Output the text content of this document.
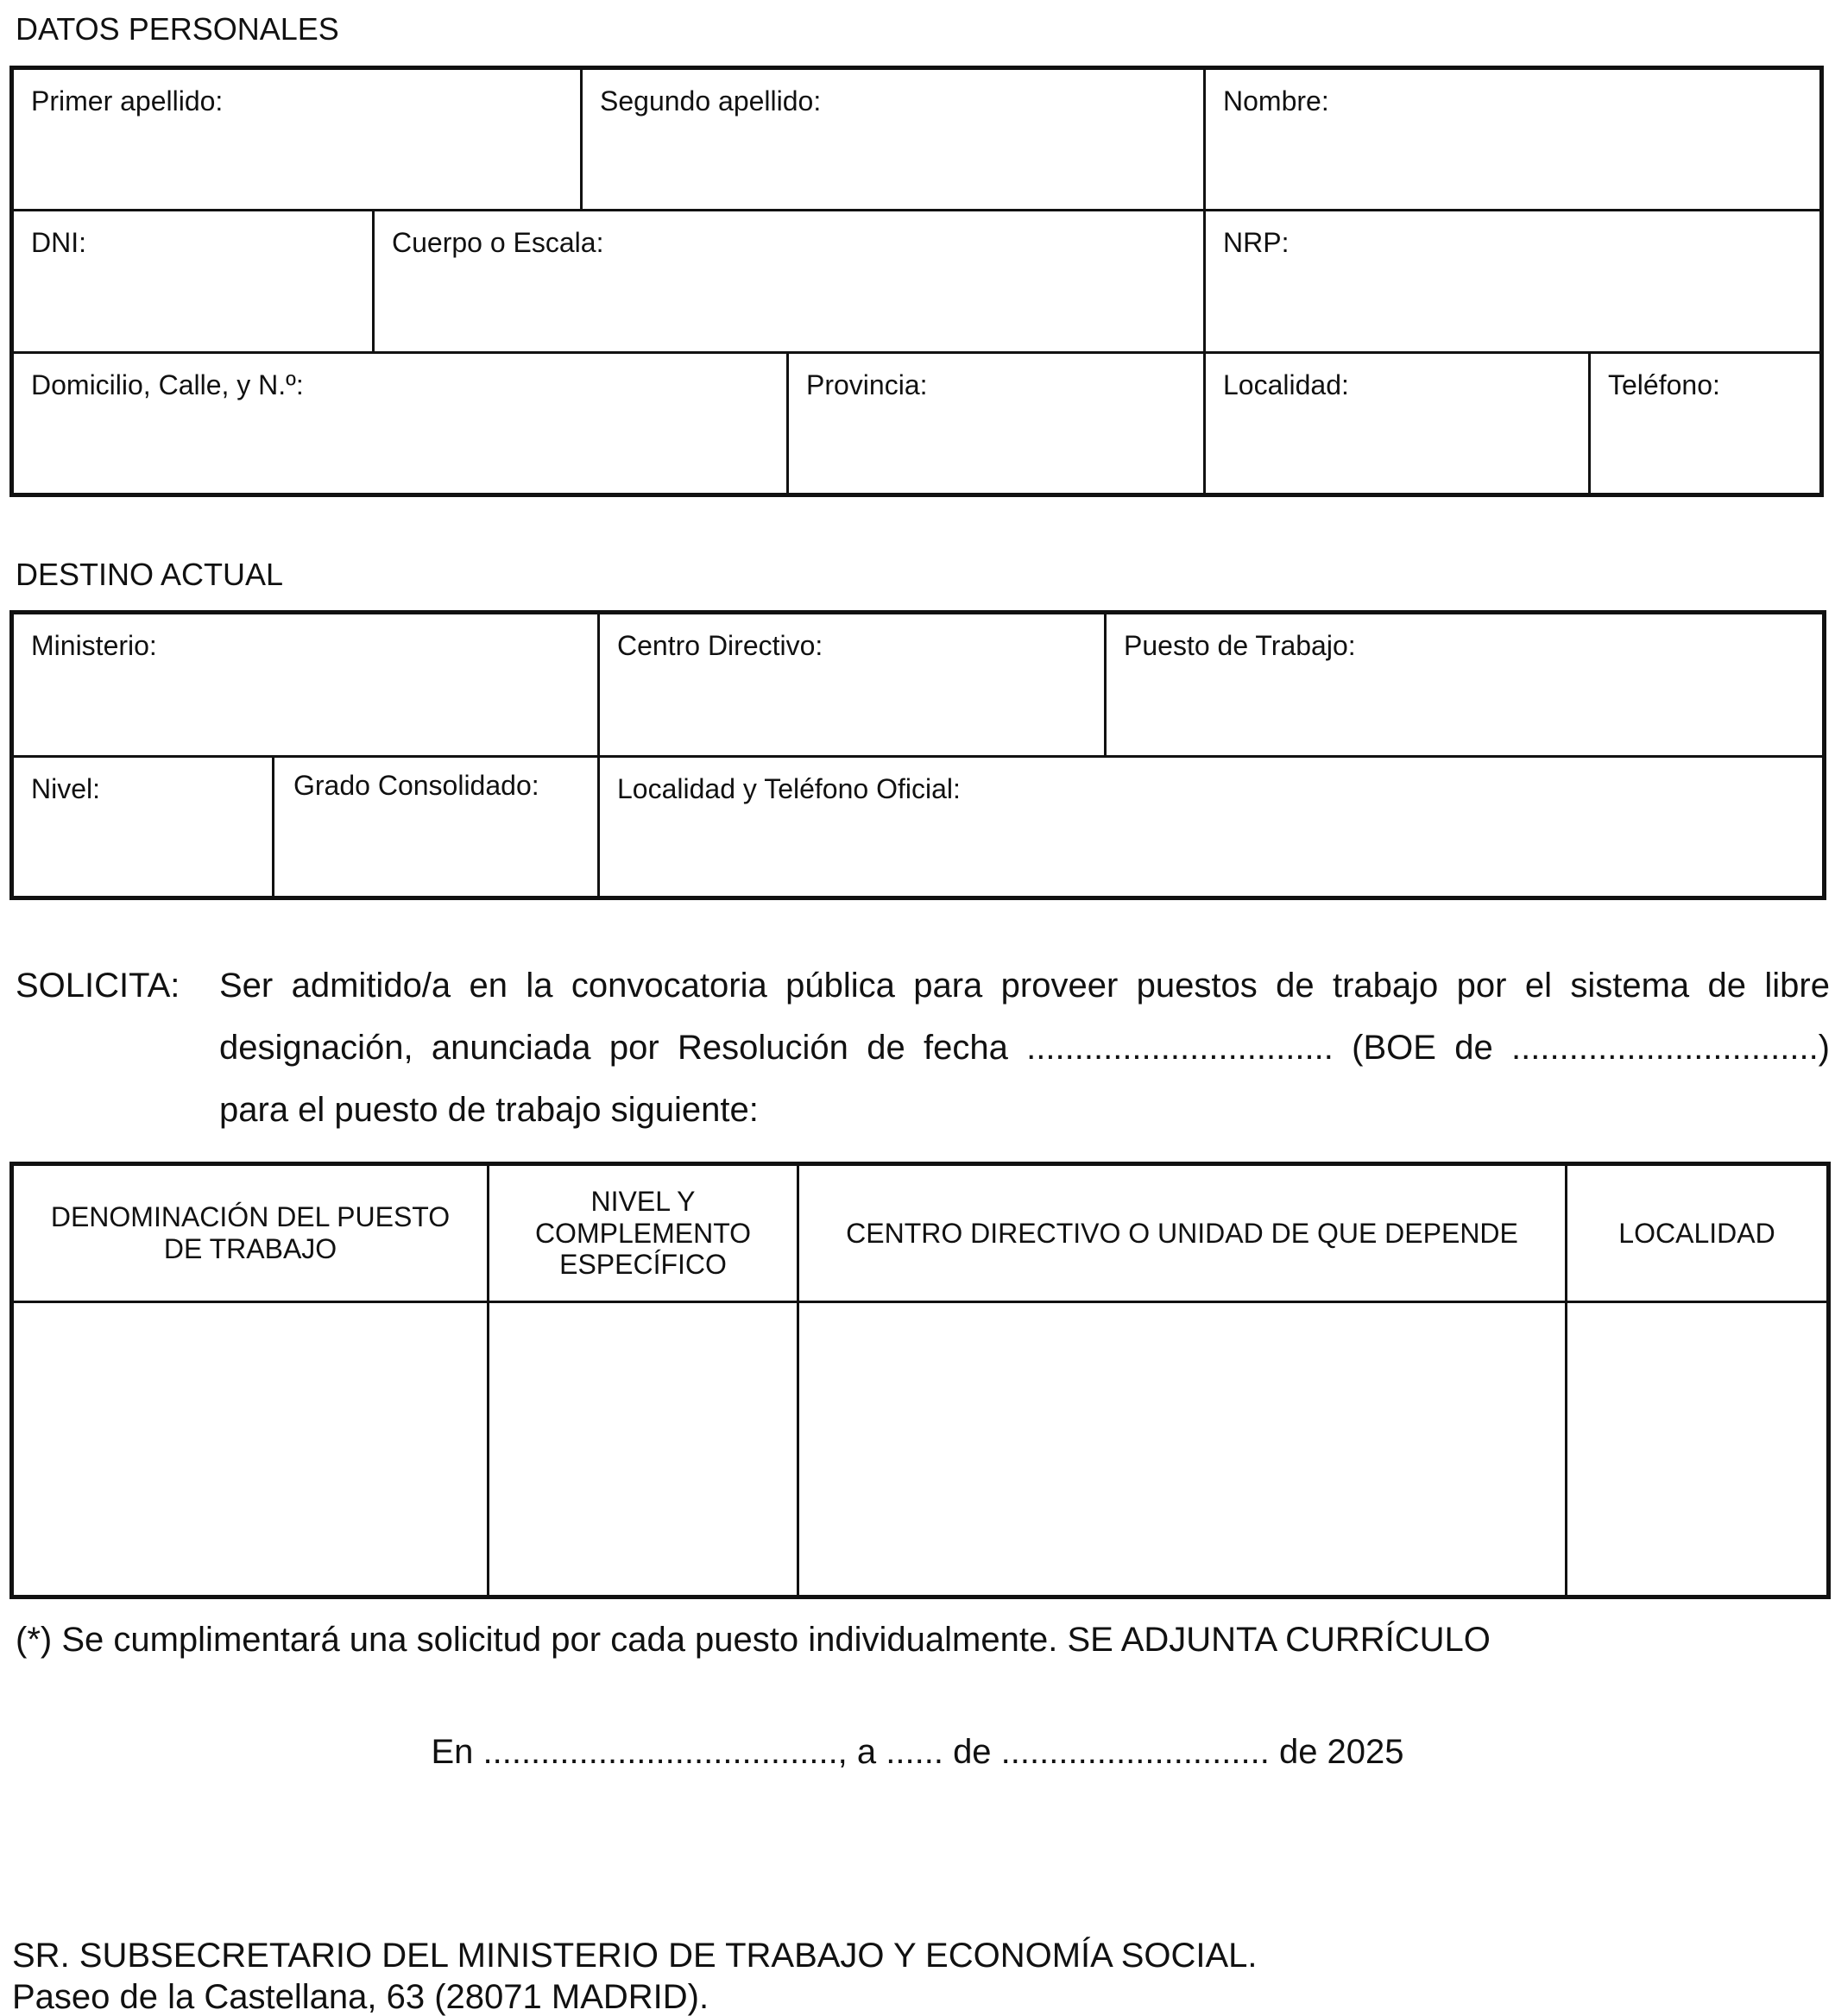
DATOS PERSONALES
Primer apellido:	Segundo apellido:	Nombre:
DNI:	Cuerpo o Escala:	NRP:
Domicilio, Calle, y N.º:	Provincia:	Localidad:	Teléfono:
DESTINO ACTUAL
Ministerio:	Centro Directivo:	Puesto de Trabajo:
Nivel:	Grado Consolidado:	Localidad y Teléfono Oficial:
SOLICITA: Ser admitido/a en la convocatoria pública para proveer puestos de trabajo por el sistema de libre

designación, anunciada por Resolución de fecha ................................ (BOE de ................................)

para el puesto de trabajo siguiente:

DENOMINACIÓN DEL PUESTO DE TRABAJO	NIVEL Y COMPLEMENTO ESPECÍFICO	CENTRO DIRECTIVO O UNIDAD DE QUE DEPENDE	LOCALIDAD

(*) Se cumplimentará una solicitud por cada puesto individualmente. SE ADJUNTA CURRÍCULO
En ....................................., a ...... de ............................ de 2025
SR. SUBSECRETARIO DEL MINISTERIO DE TRABAJO Y ECONOMÍA SOCIAL.
Paseo de la Castellana, 63 (28071 MADRID).
